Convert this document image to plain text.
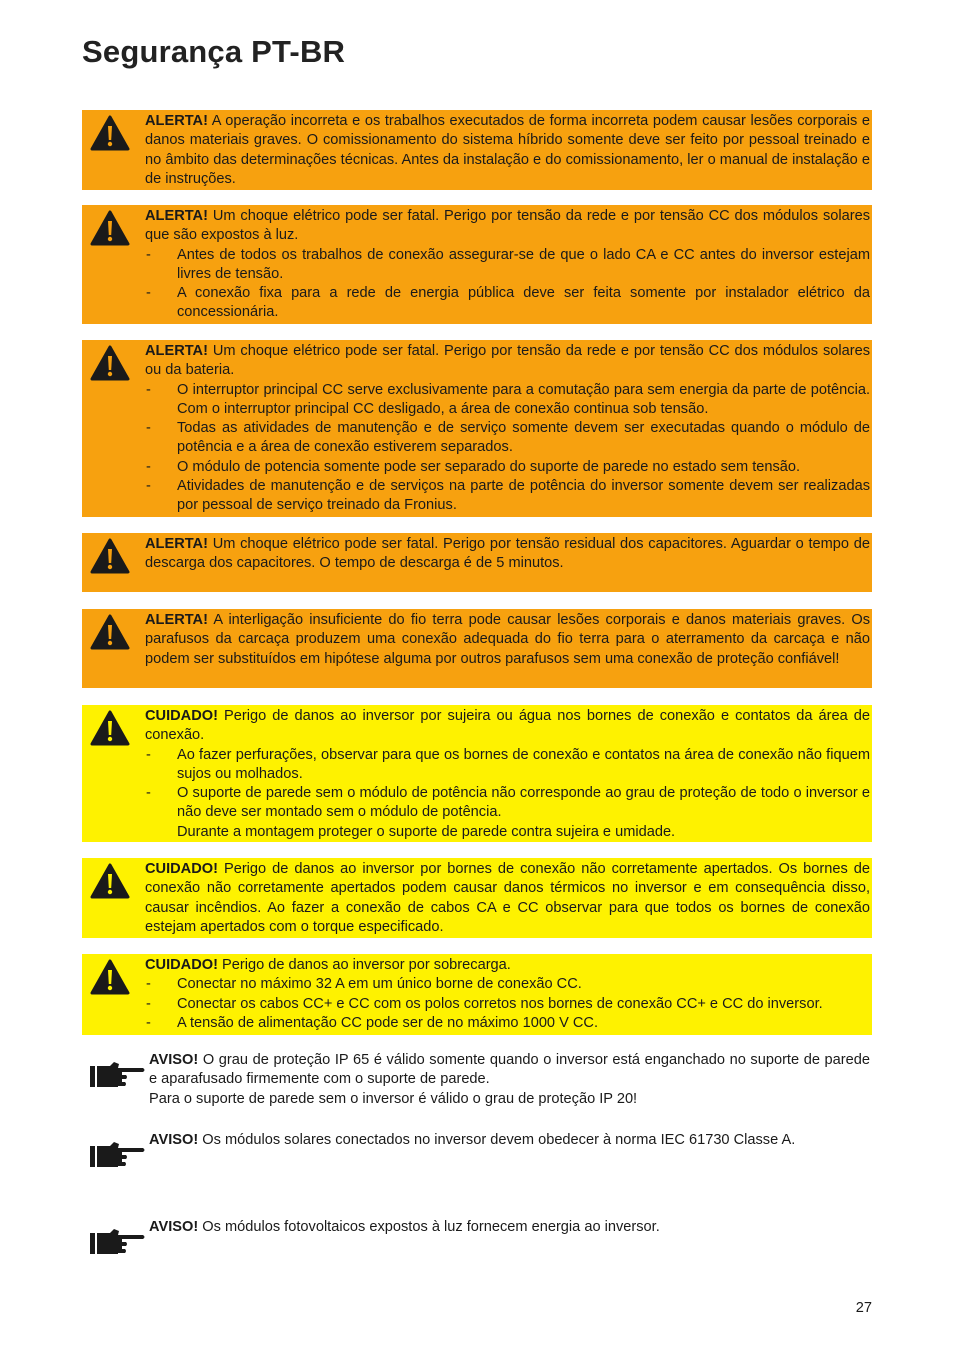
Segurança PT-BR
ALERTA! A operação incorreta e os trabalhos executados de forma incorreta podem causar lesões corporais e danos materiais graves. O comissionamento do sistema híbrido somente deve ser feito por pessoal treinado e no âmbito das determinações técnicas. Antes da instalação e do comissionamento, ler o manual de instalação e de instruções.
ALERTA! Um choque elétrico pode ser fatal. Perigo por tensão da rede e por tensão CC dos módulos solares que são expostos à luz.
- Antes de todos os trabalhos de conexão assegurar-se de que o lado CA e CC antes do inversor estejam livres de tensão.
- A conexão fixa para a rede de energia pública deve ser feita somente por instalador elétrico da concessionária.
ALERTA! Um choque elétrico pode ser fatal. Perigo por tensão da rede e por tensão CC dos módulos solares ou da bateria.
- O interruptor principal CC serve exclusivamente para a comutação para sem energia da parte de potência. Com o interruptor principal CC desligado, a área de conexão continua sob tensão.
- Todas as atividades de manutenção e de serviço somente devem ser executadas quando o módulo de potência e a área de conexão estiverem separados.
- O módulo de potencia somente pode ser separado do suporte de parede no estado sem tensão.
- Atividades de manutenção e de serviços na parte de potência do inversor somente devem ser realizadas por pessoal de serviço treinado da Fronius.
ALERTA! Um choque elétrico pode ser fatal. Perigo por tensão residual dos capacitores. Aguardar o tempo de descarga dos capacitores. O tempo de descarga é de 5 minutos.
ALERTA! A interligação insuficiente do fio terra pode causar lesões corporais e danos materiais graves. Os parafusos da carcaça produzem uma conexão adequada do fio terra para o aterramento da carcaça e não podem ser substituídos em hipótese alguma por outros parafusos sem uma conexão de proteção confiável!
CUIDADO! Perigo de danos ao inversor por sujeira ou água nos bornes de conexão e contatos da área de conexão.
- Ao fazer perfurações, observar para que os bornes de conexão e contatos na área de conexão não fiquem sujos ou molhados.
- O suporte de parede sem o módulo de potência não corresponde ao grau de proteção de todo o inversor e não deve ser montado sem o módulo de potência.
Durante a montagem proteger o suporte de parede contra sujeira e umidade.
CUIDADO! Perigo de danos ao inversor por bornes de conexão não corretamente apertados. Os bornes de conexão não corretamente apertados podem causar danos térmicos no inversor e em consequência disso, causar incêndios. Ao fazer a conexão de cabos CA e CC observar para que todos os bornes de conexão estejam apertados com o torque especificado.
CUIDADO! Perigo de danos ao inversor por sobrecarga.
- Conectar no máximo 32 A em um único borne de conexão CC.
- Conectar os cabos CC+ e CC com os polos corretos nos bornes de conexão CC+ e CC do inversor.
- A tensão de alimentação CC pode ser de no máximo 1000 V CC.
AVISO! O grau de proteção IP 65 é válido somente quando o inversor está enganchado no suporte de parede e aparafusado firmemente com o suporte de parede.
Para o suporte de parede sem o inversor é válido o grau de proteção IP 20!
AVISO! Os módulos solares conectados no inversor devem obedecer à norma IEC 61730 Classe A.
AVISO! Os módulos fotovoltaicos expostos à luz fornecem energia ao inversor.
27
